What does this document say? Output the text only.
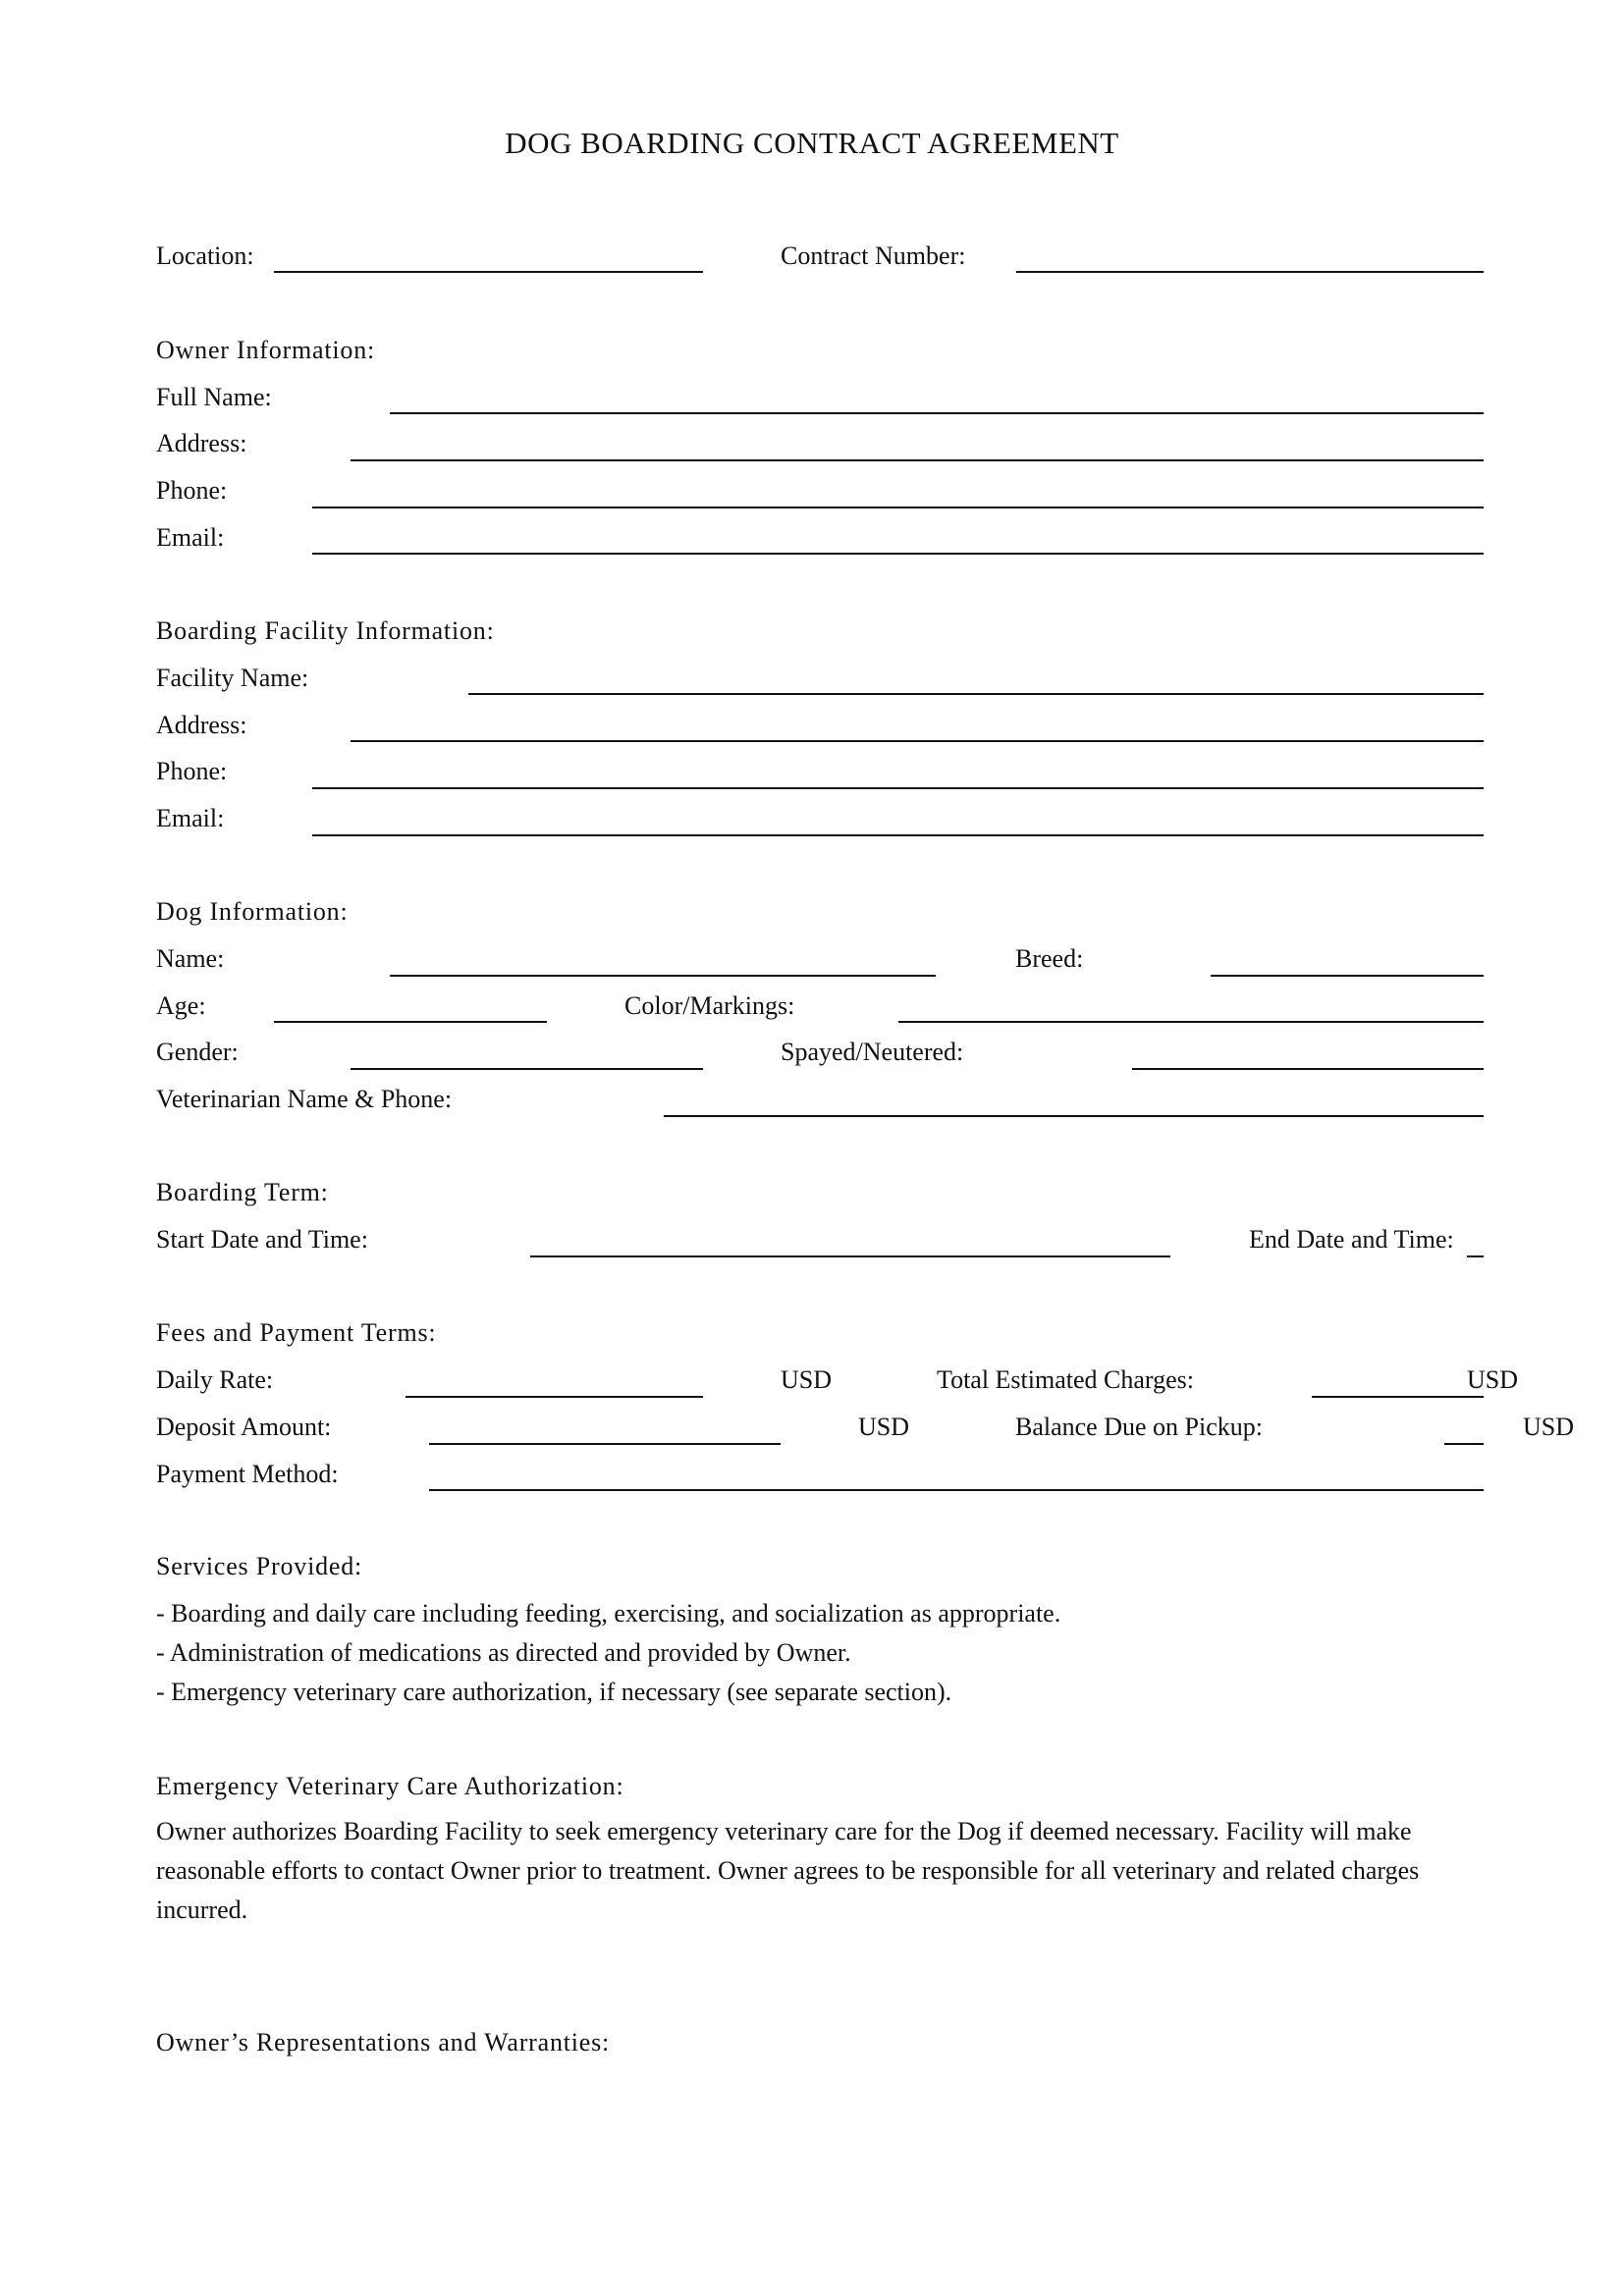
DOG BOARDING CONTRACT AGREEMENT
Location:	Contract Number:
Owner Information:
Full Name:
Address:
Phone:
Email:
Boarding Facility Information:
Facility Name:
Address:
Phone:
Email:
Dog Information:
Name:	Breed:
Age:	Color/Markings:
Gender:	Spayed/Neutered:
Veterinarian Name & Phone:
Boarding Term:
Start Date and Time:	End Date and Time:
Fees and Payment Terms:
Daily Rate:	USD	Total Estimated Charges:	USD
Deposit Amount:	USD	Balance Due on Pickup:	USD
Payment Method:
Services Provided:
- Boarding and daily care including feeding, exercising, and socialization as appropriate.
- Administration of medications as directed and provided by Owner.
- Emergency veterinary care authorization, if necessary (see separate section).
Emergency Veterinary Care Authorization:
Owner authorizes Boarding Facility to seek emergency veterinary care for the Dog if deemed necessary. Facility will make reasonable efforts to contact Owner prior to treatment. Owner agrees to be responsible for all veterinary and related charges incurred.
Owner’s Representations and Warranties:
